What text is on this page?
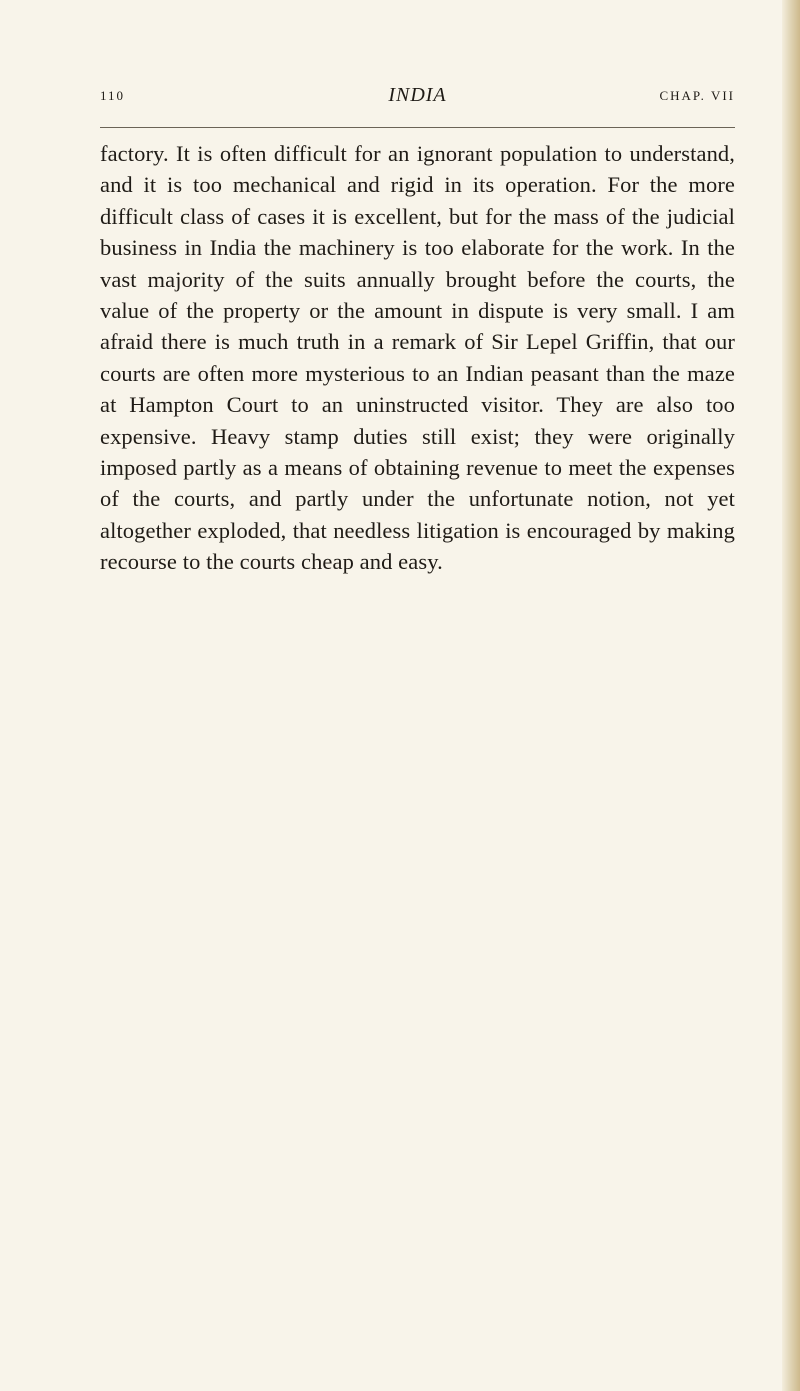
110	INDIA	CHAP. VII

factory. It is often difficult for an ignorant population to understand, and it is too mechanical and rigid in its operation. For the more difficult class of cases it is excellent, but for the mass of the judicial business in India the machinery is too elaborate for the work. In the vast majority of the suits annually brought before the courts, the value of the property or the amount in dispute is very small. I am afraid there is much truth in a remark of Sir Lepel Griffin, that our courts are often more mysterious to an Indian peasant than the maze at Hampton Court to an uninstructed visitor. They are also too expensive. Heavy stamp duties still exist; they were originally imposed partly as a means of obtaining revenue to meet the expenses of the courts, and partly under the unfortunate notion, not yet altogether exploded, that needless litigation is encouraged by making recourse to the courts cheap and easy.
